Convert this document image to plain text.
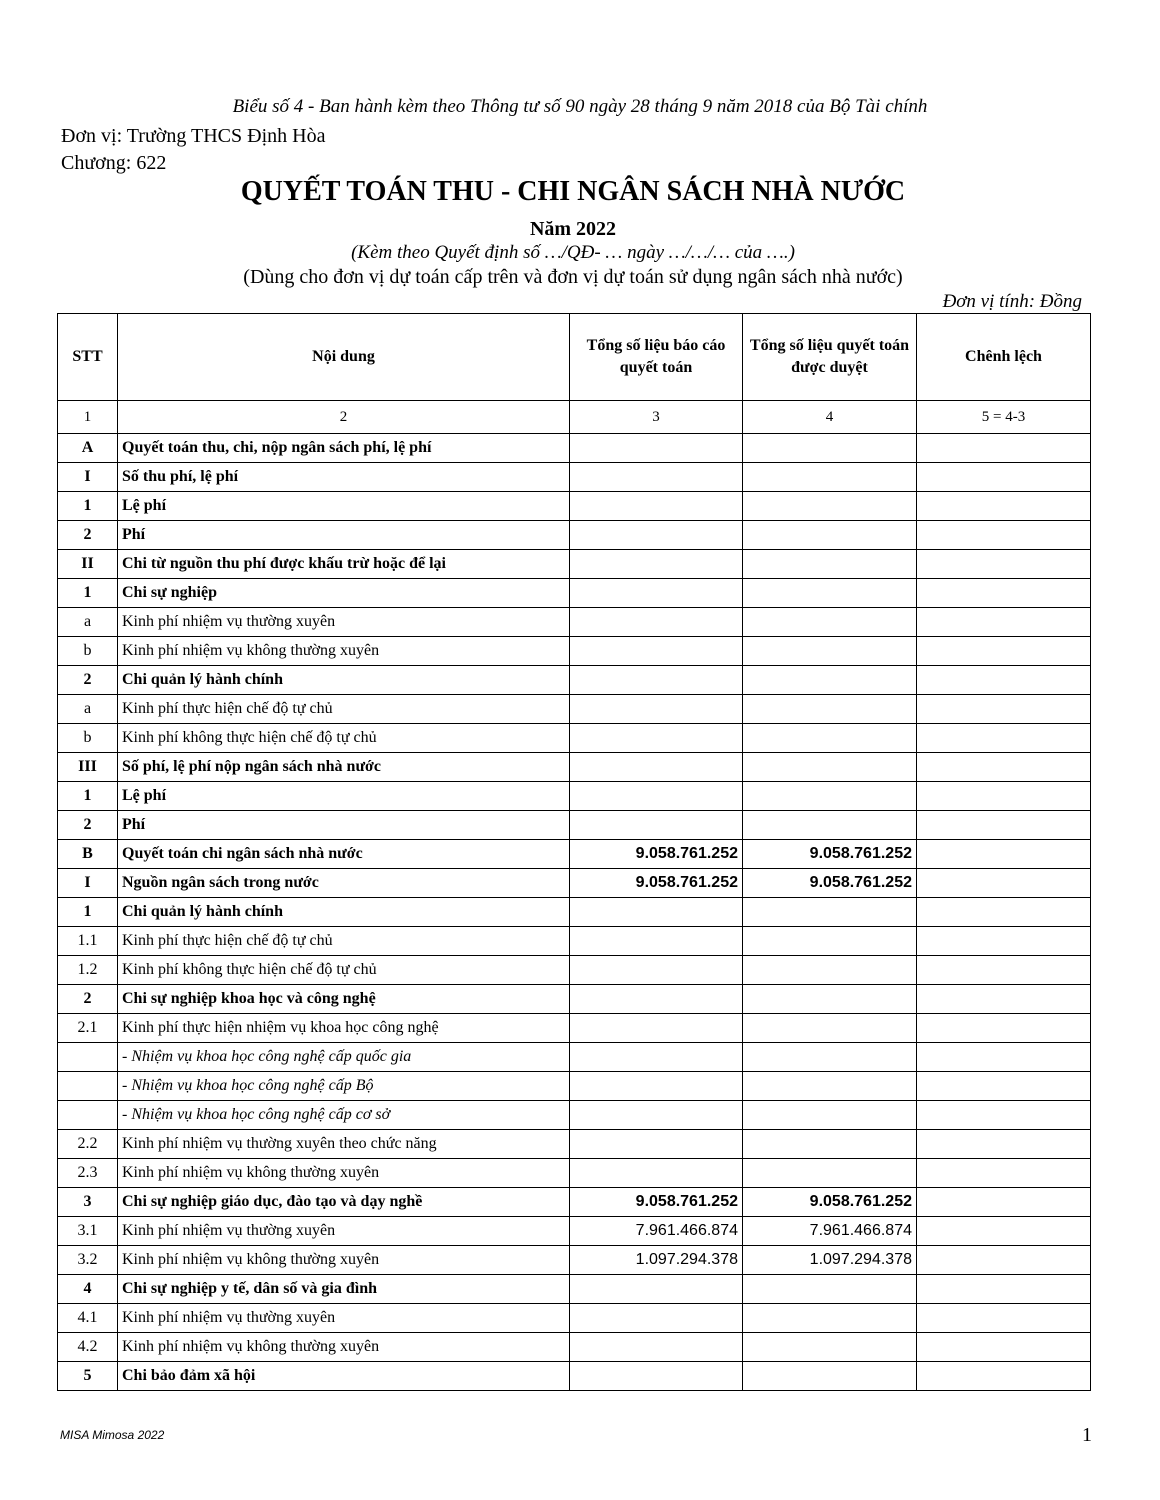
Biểu số 4 - Ban hành kèm theo Thông tư số 90 ngày 28 tháng 9 năm 2018 của Bộ Tài chính
Đơn vị: Trường THCS Định Hòa
Chương: 622
QUYẾT TOÁN THU - CHI NGÂN SÁCH NHÀ NƯỚC
Năm 2022
(Kèm theo Quyết định số …/QĐ- … ngày …/…/… của ….)
(Dùng cho đơn vị dự toán cấp trên và đơn vị dự toán sử dụng ngân sách nhà nước)
Đơn vị tính: Đồng
STT	Nội dung	Tổng số liệu báo cáo quyết toán	Tổng số liệu quyết toán được duyệt	Chênh lệch
1	2	3	4	5 = 4-3
A	Quyết toán thu, chi, nộp ngân sách phí, lệ phí			
I	Số thu phí, lệ phí			
1	Lệ phí			
2	Phí			
II	Chi từ nguồn thu phí được khấu trừ hoặc để lại			
1	Chi sự nghiệp			
a	Kinh phí nhiệm vụ thường xuyên			
b	Kinh phí nhiệm vụ không thường xuyên			
2	Chi quản lý hành chính			
a	Kinh phí thực hiện chế độ tự chủ			
b	Kinh phí không thực hiện chế độ tự chủ			
III	Số phí, lệ phí nộp ngân sách nhà nước			
1	Lệ phí			
2	Phí			
B	Quyết toán chi ngân sách nhà nước	9.058.761.252	9.058.761.252	
I	Nguồn ngân sách trong nước	9.058.761.252	9.058.761.252	
1	Chi quản lý hành chính			
1.1	Kinh phí thực hiện chế độ tự chủ			
1.2	Kinh phí không thực hiện chế độ tự chủ			
2	Chi sự nghiệp khoa học và công nghệ			
2.1	Kinh phí thực hiện nhiệm vụ khoa học công nghệ			
	- Nhiệm vụ khoa học công nghệ cấp quốc gia			
	- Nhiệm vụ khoa học công nghệ cấp Bộ			
	- Nhiệm vụ khoa học công nghệ cấp cơ sở			
2.2	Kinh phí nhiệm vụ thường xuyên theo chức năng			
2.3	Kinh phí nhiệm vụ không thường xuyên			
3	Chi sự nghiệp giáo dục, đào tạo và dạy nghề	9.058.761.252	9.058.761.252	
3.1	Kinh phí nhiệm vụ thường xuyên	7.961.466.874	7.961.466.874	
3.2	Kinh phí nhiệm vụ không thường xuyên	1.097.294.378	1.097.294.378	
4	Chi sự nghiệp y tế, dân số và gia đình			
4.1	Kinh phí nhiệm vụ thường xuyên			
4.2	Kinh phí nhiệm vụ không thường xuyên			
5	Chi bảo đảm xã hội			
MISA Mimosa 2022	1
